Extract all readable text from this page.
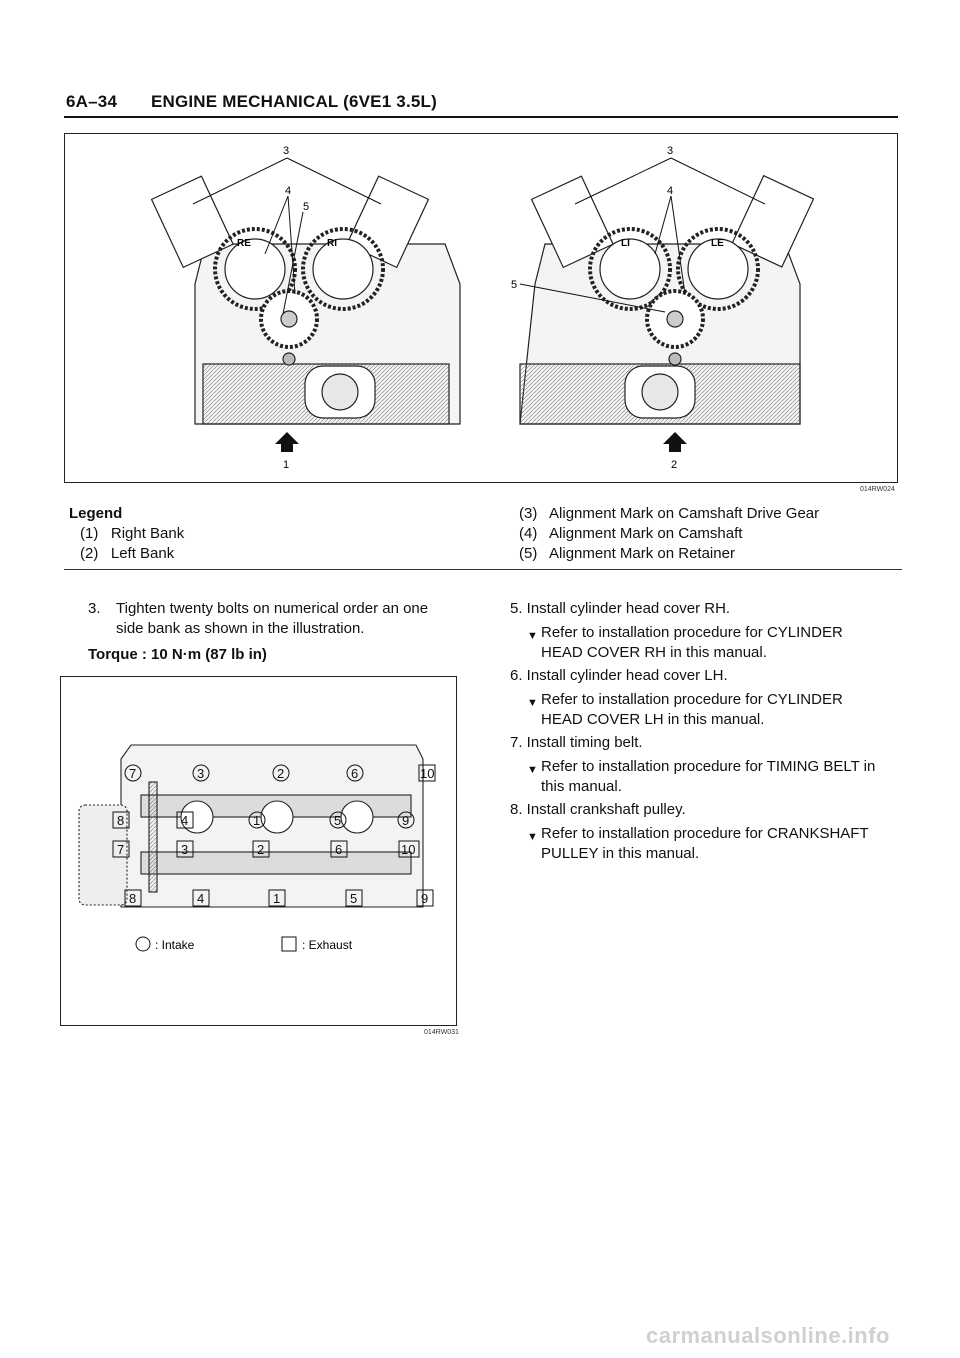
6A–34 ENGINE MECHANICAL (6VE1 3.5L)
RE	RI	LI	LE
3
4
5
3
4
5
1	2
014RW024
Legend
(1) Right Bank
(2) Left Bank
(3) Alignment Mark on Camshaft Drive Gear
(4) Alignment Mark on Camshaft
(5) Alignment Mark on Retainer
3. Tighten twenty bolts on numerical order an one
side bank as shown in the illustration.
Torque : 10 N·m (87 lb in)
7	3	2	6	10
8	4	1	5	9
7	3	2	6	10
8	4	1	5	9
: Intake	: Exhaust
014RW031
5. Install cylinder head cover RH.
▼ Refer to installation procedure for CYLINDER
HEAD COVER RH in this manual.
6. Install cylinder head cover LH.
▼ Refer to installation procedure for CYLINDER
HEAD COVER LH in this manual.
7. Install timing belt.
▼ Refer to installation procedure for TIMING BELT in
this manual.
8. Install crankshaft pulley.
▼ Refer to installation procedure for CRANKSHAFT
PULLEY in this manual.
carmanualsonline.info
